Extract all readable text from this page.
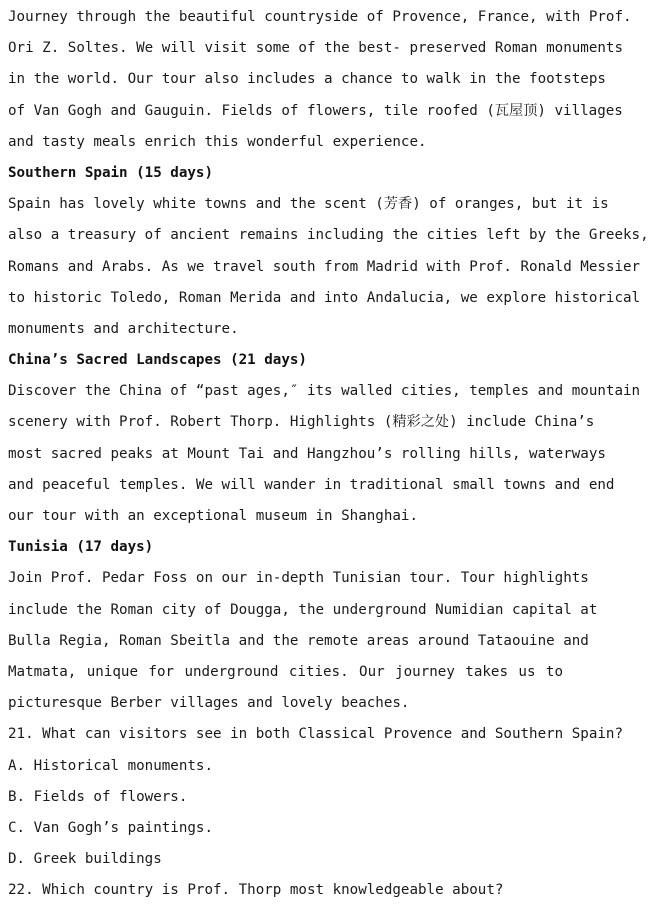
Journey through the beautiful countryside of Provence, France, with Prof.
Ori Z. Soltes. We will visit some of the best- preserved Roman monuments
in the world. Our tour also includes a chance to walk in the footsteps
of Van Gogh and Gauguin. Fields of flowers, tile roofed (瓦屋顶) villages
and tasty meals enrich this wonderful experience.
Southern Spain (15 days)
Spain has lovely white towns and the scent (芳香) of oranges, but it is
also a treasury of ancient remains including the cities left by the Greeks,
Romans and Arabs. As we travel south from Madrid with Prof. Ronald Messier
to historic Toledo, Roman Merida and into Andalucia, we explore historical
monuments and architecture.
China’s Sacred Landscapes (21 days)
Discover the China of “past ages,″ its walled cities, temples and mountain
scenery with Prof. Robert Thorp. Highlights (精彩之处) include China’s
most sacred peaks at Mount Tai and Hangzhou’s rolling hills, waterways
and peaceful temples. We will wander in traditional small towns and end
our tour with an exceptional museum in Shanghai.
Tunisia (17 days)
Join Prof. Pedar Foss on our in-depth Tunisian tour. Tour highlights
include the Roman city of Dougga, the underground Numidian capital at
Bulla Regia, Roman Sbeitla and the remote areas around Tataouine and
Matmata, unique for underground cities. Our journey takes us to
picturesque Berber villages and lovely beaches.
21. What can visitors see in both Classical Provence and Southern Spain?
A. Historical monuments.
B. Fields of flowers.
C. Van Gogh’s paintings.
D. Greek buildings
22. Which country is Prof. Thorp most knowledgeable about?
